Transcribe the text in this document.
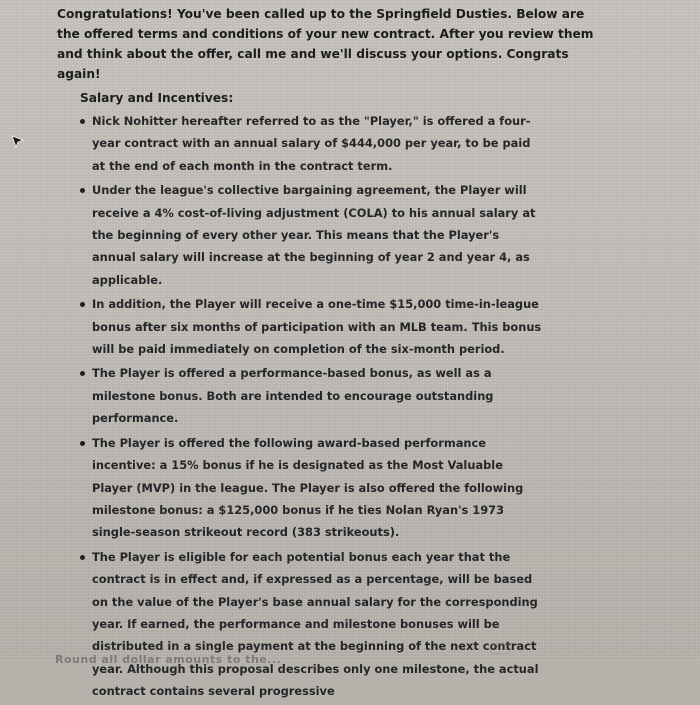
Congratulations! You've been called up to the Springfield Dusties. Below are the offered terms and conditions of your new contract. After you review them and think about the offer, call me and we'll discuss your options. Congrats again!

Salary and Incentives:

Nick Nohitter hereafter referred to as the "Player," is offered a four-year contract with an annual salary of $444,000 per year, to be paid at the end of each month in the contract term.
Under the league's collective bargaining agreement, the Player will receive a 4% cost-of-living adjustment (COLA) to his annual salary at the beginning of every other year. This means that the Player's annual salary will increase at the beginning of year 2 and year 4, as applicable.
In addition, the Player will receive a one-time $15,000 time-in-league bonus after six months of participation with an MLB team. This bonus will be paid immediately on completion of the six-month period.
The Player is offered a performance-based bonus, as well as a milestone bonus. Both are intended to encourage outstanding performance.
The Player is offered the following award-based performance incentive: a 15% bonus if he is designated as the Most Valuable Player (MVP) in the league. The Player is also offered the following milestone bonus: a $125,000 bonus if he ties Nolan Ryan's 1973 single-season strikeout record (383 strikeouts).
The Player is eligible for each potential bonus each year that the contract is in effect and, if expressed as a percentage, will be based on the value of the Player's base annual salary for the corresponding year. If earned, the performance and milestone bonuses will be distributed in a single payment at the beginning of the next contract year. Although this proposal describes only one milestone, the actual contract contains several progressive
Round all dollar amounts to the...
